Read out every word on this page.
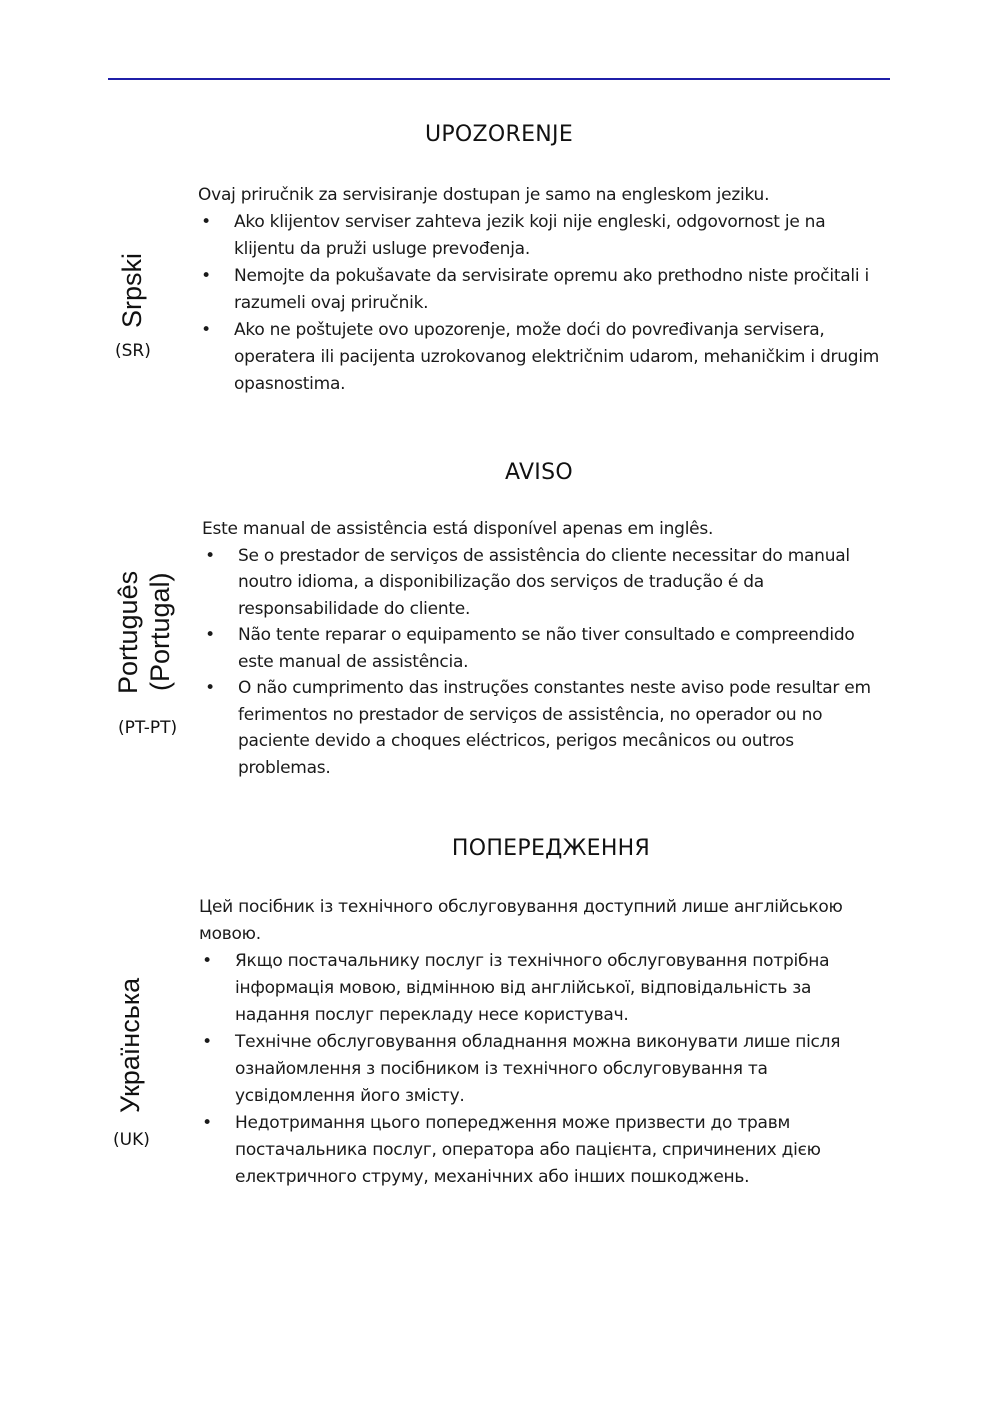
UPOZORENJE
Srpski
(SR)

Ovaj priručnik za servisiranje dostupan je samo na engleskom jeziku.

• Ako klijentov serviser zahteva jezik koji nije engleski, odgovornost je na klijentu da pruži usluge prevođenja.
• Nemojte da pokušavate da servisirate opremu ako prethodno niste pročitali i razumeli ovaj priručnik.
• Ako ne poštujete ovo upozorenje, može doći do povređivanja servisera, operatera ili pacijenta uzrokovanog električnim udarom, mehaničkim i drugim opasnostima.
AVISO
Português
(Portugal)
(PT-PT)

Este manual de assistência está disponível apenas em inglês.

• Se o prestador de serviços de assistência do cliente necessitar do manual noutro idioma, a disponibilização dos serviços de tradução é da responsabilidade do cliente.
• Não tente reparar o equipamento se não tiver consultado e compreendido este manual de assistência.
• O não cumprimento das instruções constantes neste aviso pode resultar em ferimentos no prestador de serviços de assistência, no operador ou no paciente devido a choques eléctricos, perigos mecânicos ou outros problemas.
ПОПЕРЕДЖЕННЯ
Українська
(UK)

Цей посібник із технічного обслуговування доступний лише англійською мовою.

• Якщо постачальнику послуг із технічного обслуговування потрібна інформація мовою, відмінною від англійської, відповідальність за надання послуг перекладу несе користувач.
• Технічне обслуговування обладнання можна виконувати лише після ознайомлення з посібником із технічного обслуговування та усвідомлення його змісту.
• Недотримання цього попередження може призвести до травм постачальника послуг, оператора або пацієнта, спричинених дією електричного струму, механічних або інших пошкоджень.
